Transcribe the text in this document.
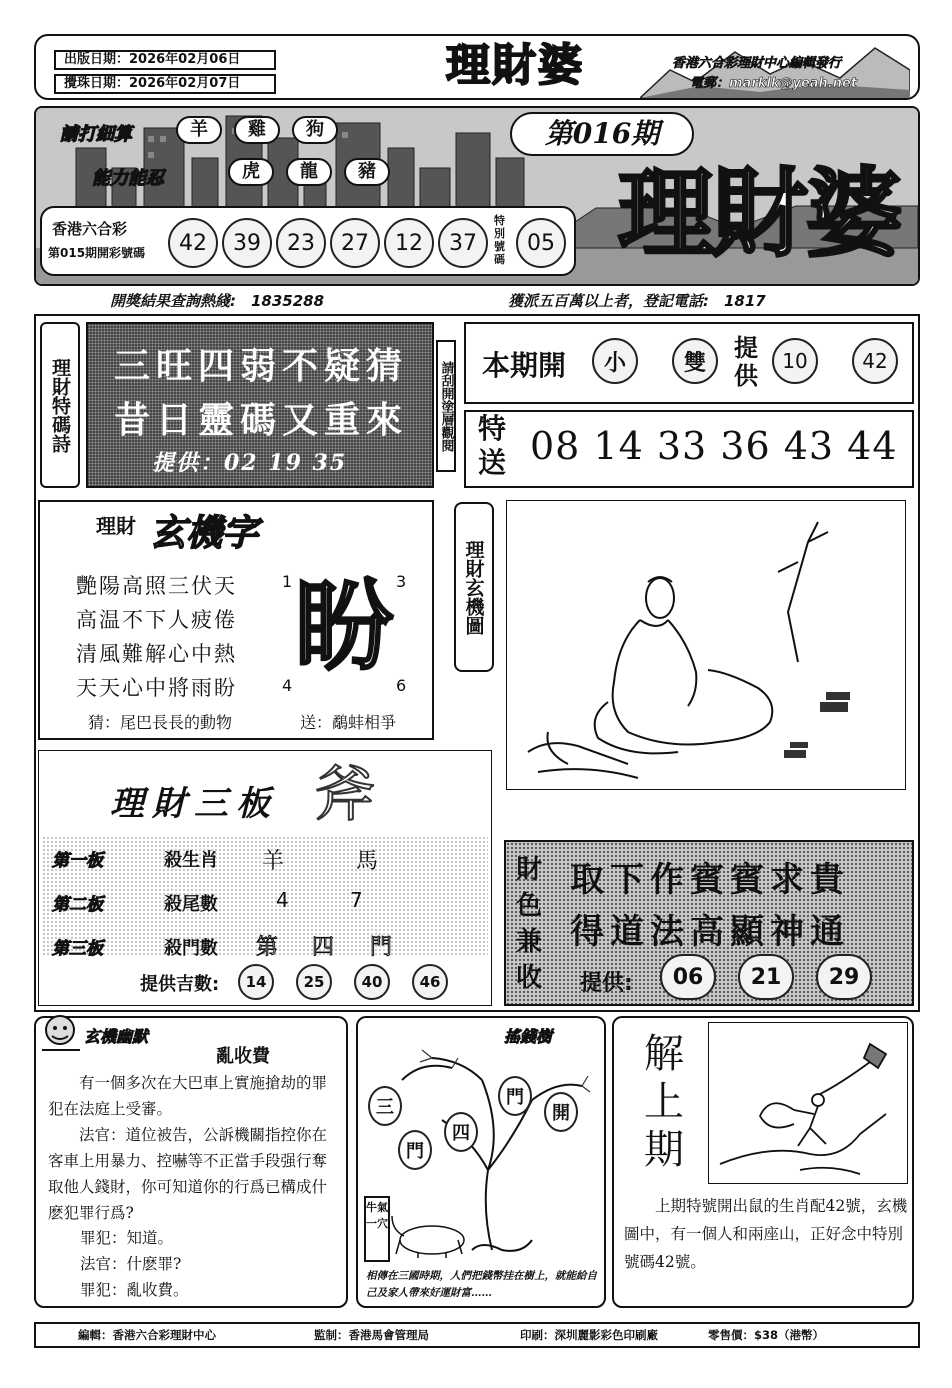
出版日期：2026年02月06日
攪珠日期：2026年02月07日	理財婆	香港六合彩理財中心編輯發行
電郵：marklk@yeah.net
請打細算	羊	雞	狗
能力能忍	虎	龍	豬
第016期
理財婆
香港六合彩
第015期開彩號碼	42	39	23	27	12	37
特別號碼
05
開獎結果查詢熱綫:　1835288	獲派五百萬以上者，登記電話:　1817
理財特碼詩	三旺四弱不疑猜
昔日靈碼又重來
提供：02 19 35
請刮開塗層觀閱 本期開	小	雙
提供	10	42
特送 08 14 33 36 43 44
理財 玄機字
艷陽高照三伏天
高温不下人疲倦
清風難解心中熱
天天心中將雨盼
1	3
4	6
盼
猜：尾巴長長的動物	送：鷸蚌相爭
理財玄機圖
理財三板 斧
第一板	殺生肖 羊	馬
第二板	殺尾數	4	7
第三板	殺門數 第 四 門
提供吉數:	14	25	40	46
財色兼收
取下作賓賓求貴
得道法高顯神通
提供:	06	21	29
玄機幽默
亂收費
有一個多次在大巴車上實施搶劫的罪犯在法庭上受審。
法官：道位被告，公訴機關指控你在客車上用暴力、控嚇等不正當手段强行奪取他人錢財，你可知道你的行爲已構成什麽犯罪行爲?
罪犯：知道。
法官：什麽罪?
罪犯：亂收費。
搖錢樹
三
門
四
門
開
牛氣一穴
相傳在三國時期，人們把錢幣挂在樹上，就能給自己及家人帶來好運財富……
解上期
上期特號開出鼠的生肖配42號，玄機圖中，有一個人和兩座山，正好念中特別號碼42號。
編輯：香港六合彩理財中心	監制：香港馬會管理局	印刷：深圳麗影彩色印刷廠	零售價：$38（港幣）
